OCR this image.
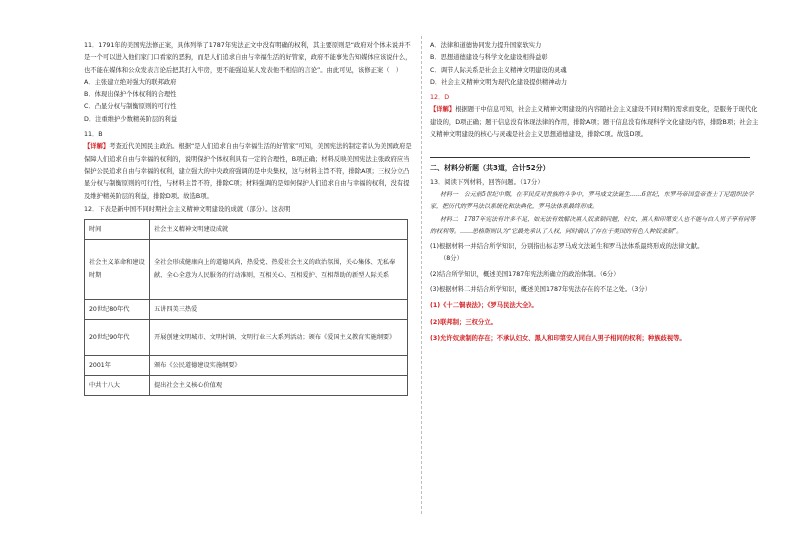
11．1791年的美国宪法修正案，具体列举了1787年宪法正文中没有明确的权利，其主要原则是“政府对个体未说并不是一个可以进入他们家门口看家的恶狗，而是人们追求自由与幸福生活的好管家，政府不能事先告知媒体应该说什么，也不能在媒体和公众发表言论后把其打入牢房，更不能强迫某人发表他不相信的言论”。由此可见，该修正案（　）

A．主张建立绝对强大的联邦政府

B．体现出保护个体权利的合理性

C．凸显分权与制衡原则的可行性

D．注重维护少数精英阶层的利益

11．B

【详解】考查近代美国民主政治。根据“是人们追求自由与幸福生活的好管家”可知，美国宪法的制定者认为美国政府是保障人们追求自由与幸福的权利的，说明保护个体权利具有一定的合理性，B项正确；材料反映美国宪法主张政府应当保护公民追求自由与幸福的权利，建立强大的中央政府强调的是中央集权，这与材料主旨不符，排除A项；三权分立凸显分权与制衡原则的可行性，与材料主旨不符，排除C项；材料强调的是如何保护人们追求自由与幸福的权利，没有提及维护精英阶层的利益，排除D项。故选B项。

12．下表是新中国不同时期社会主义精神文明建设的成就（部分）。这表明

时间	社会主义精神文明建设成就
社会主义革命和建设时期	全社会形成健康向上的道德风尚，热爱党、热爱社会主义的政治氛围，关心集体、无私奉献、全心全意为人民服务的行动准则，互相关心、互相爱护、互相帮助的新型人际关系
20世纪80年代	五讲四美三热爱
20世纪90年代	开展创建文明城市、文明村镇、文明行业三大系列活动；颁布《爱国主义教育实施纲要》
2001年	颁布《公民道德建设实施纲要》
中共十八大	提出社会主义核心价值观

A．法律和道德协同发力提升国家软实力

B．思想道德建设与科学文化建设相得益彰

C．调节人际关系是社会主义精神文明建设的灵魂

D．社会主义精神文明为现代化建设提供精神动力

12．D

【详解】根据题干中信息可知，社会主义精神文明建设的内容随社会主义建设不同时期的需求而变化，是服务于现代化建设的，D项正确；题干信息没有体现法律的作用，排除A项；题干信息没有体现科学文化建设内容，排除B项；社会主义精神文明建设的核心与灵魂是社会主义思想道德建设，排除C项。故选D项。

二、材料分析题（共3道，合计52分）

13．阅读下列材料，回答问题。（17分）

材料一　公元前5世纪中期，在平民反对贵族的斗争中，罗马成文法诞生……6世纪，东罗马帝国皇帝查士丁尼组织法学家，把历代的罗马法以系统化和法典化，罗马法体系最终形成。

材料二　1787年宪法有许多不足，如无法有效解决黑人奴隶制问题，妇女、黑人和印第安人也不能与白人男子享有同等的权利等。……思格斯则认为“它最先承认了人权，同时确认了存在于美国的有色人种奴隶制”。

(1)根据材料一并结合所学知识，分别指出标志罗马成文法诞生和罗马法体系最终形成的法律文献。

（8分）

(2)结合所学知识，概述美国1787年宪法所确立的政治体制。（6分）

(3)根据材料二并结合所学知识，概述美国1787年宪法存在的不足之处。（3分）

(1)《十二铜表法》；《罗马民法大全》。

(2)联邦制；三权分立。

(3)允许奴隶制的存在；不承认妇女、黑人和印第安人同白人男子相同的权利；种族歧视等。
